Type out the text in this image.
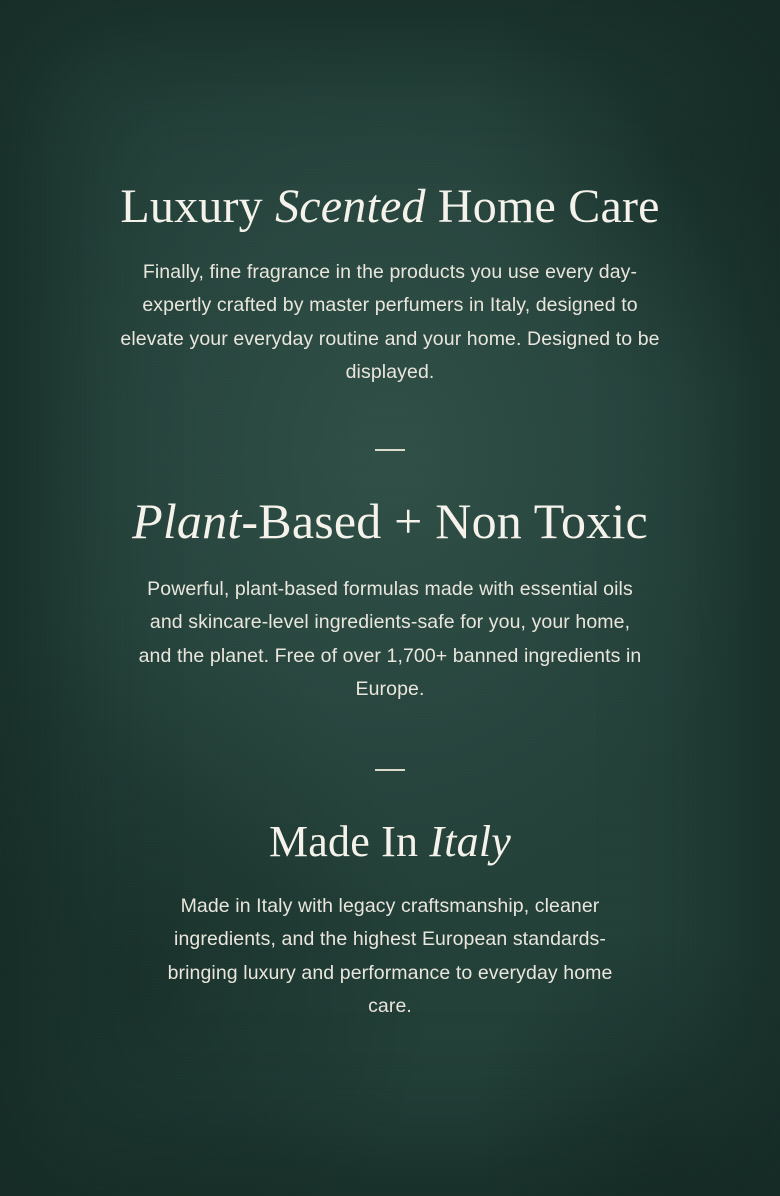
Luxury Scented Home Care

Finally, fine fragrance in the products you use every day-expertly crafted by master perfumers in Italy, designed to elevate your everyday routine and your home. Designed to be displayed.

Plant-Based + Non Toxic

Powerful, plant-based formulas made with essential oils and skincare-level ingredients-safe for you, your home, and the planet. Free of over 1,700+ banned ingredients in Europe.

Made In Italy

Made in Italy with legacy craftsmanship, cleaner ingredients, and the highest European standards-bringing luxury and performance to everyday home care.
